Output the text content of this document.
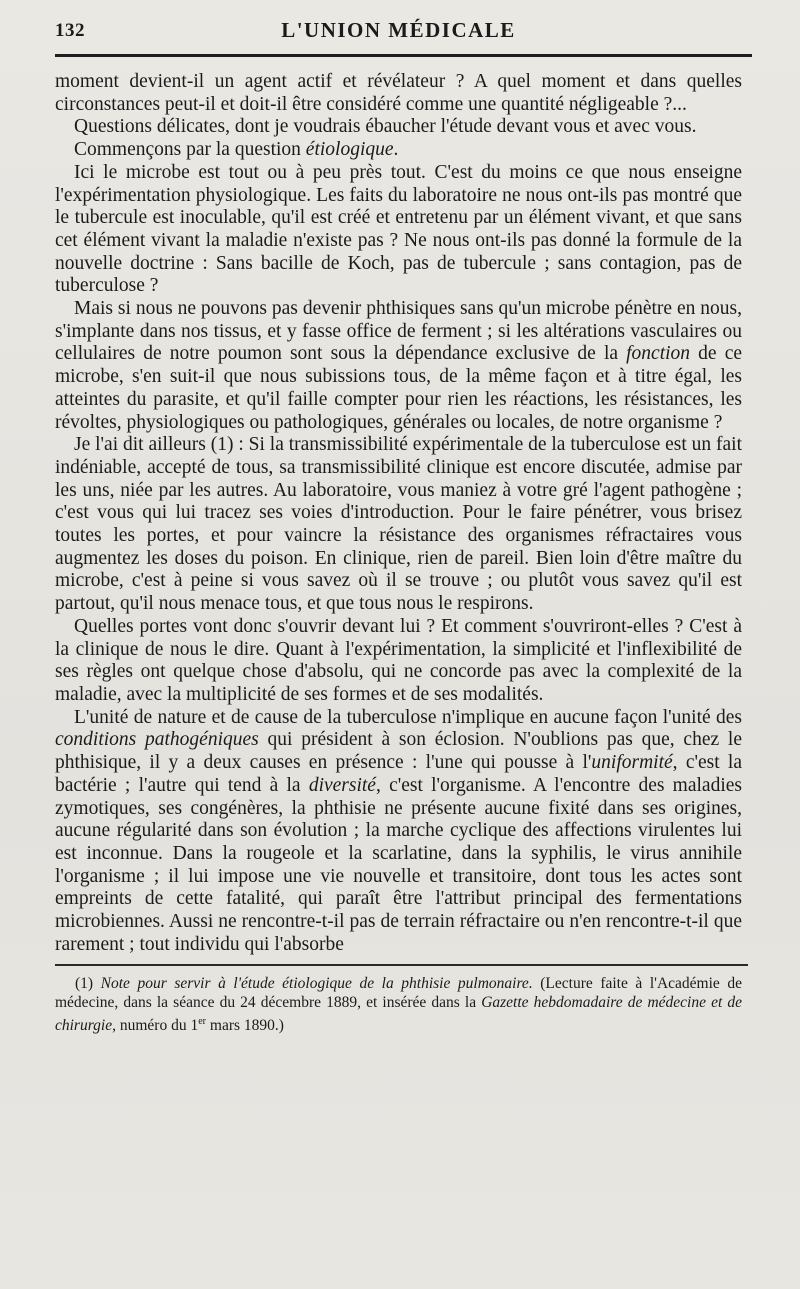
132	L'UNION MÉDICALE

moment devient-il un agent actif et révélateur ? A quel moment et dans quelles circonstances peut-il et doit-il être considéré comme une quantité négligeable ?...

Questions délicates, dont je voudrais ébaucher l'étude devant vous et avec vous.

Commençons par la question étiologique.

Ici le microbe est tout ou à peu près tout. C'est du moins ce que nous enseigne l'expérimentation physiologique. Les faits du laboratoire ne nous ont-ils pas montré que le tubercule est inoculable, qu'il est créé et entretenu par un élément vivant, et que sans cet élément vivant la maladie n'existe pas ? Ne nous ont-ils pas donné la formule de la nouvelle doctrine : Sans bacille de Koch, pas de tubercule ; sans contagion, pas de tuberculose ?

Mais si nous ne pouvons pas devenir phthisiques sans qu'un microbe pénètre en nous, s'implante dans nos tissus, et y fasse office de ferment ; si les altérations vasculaires ou cellulaires de notre poumon sont sous la dépendance exclusive de la fonction de ce microbe, s'en suit-il que nous subissions tous, de la même façon et à titre égal, les atteintes du parasite, et qu'il faille compter pour rien les réactions, les résistances, les révoltes, physiologiques ou pathologiques, générales ou locales, de notre organisme ?

Je l'ai dit ailleurs (1) : Si la transmissibilité expérimentale de la tuberculose est un fait indéniable, accepté de tous, sa transmissibilité clinique est encore discutée, admise par les uns, niée par les autres. Au laboratoire, vous maniez à votre gré l'agent pathogène ; c'est vous qui lui tracez ses voies d'introduction. Pour le faire pénétrer, vous brisez toutes les portes, et pour vaincre la résistance des organismes réfractaires vous augmentez les doses du poison. En clinique, rien de pareil. Bien loin d'être maître du microbe, c'est à peine si vous savez où il se trouve ; ou plutôt vous savez qu'il est partout, qu'il nous menace tous, et que tous nous le respirons.

Quelles portes vont donc s'ouvrir devant lui ? Et comment s'ouvriront-elles ? C'est à la clinique de nous le dire. Quant à l'expérimentation, la simplicité et l'inflexibilité de ses règles ont quelque chose d'absolu, qui ne concorde pas avec la complexité de la maladie, avec la multiplicité de ses formes et de ses modalités.

L'unité de nature et de cause de la tuberculose n'implique en aucune façon l'unité des conditions pathogéniques qui président à son éclosion. N'oublions pas que, chez le phthisique, il y a deux causes en présence : l'une qui pousse à l'uniformité, c'est la bactérie ; l'autre qui tend à la diversité, c'est l'organisme. A l'encontre des maladies zymotiques, ses congénères, la phthisie ne présente aucune fixité dans ses origines, aucune régularité dans son évolution ; la marche cyclique des affections virulentes lui est inconnue. Dans la rougeole et la scarlatine, dans la syphilis, le virus annihile l'organisme ; il lui impose une vie nouvelle et transitoire, dont tous les actes sont empreints de cette fatalité, qui paraît être l'attribut principal des fermentations microbiennes. Aussi ne rencontre-t-il pas de terrain réfractaire ou n'en rencontre-t-il que rarement ; tout individu qui l'absorbe

(1) Note pour servir à l'étude étiologique de la phthisie pulmonaire. (Lecture faite à l'Académie de médecine, dans la séance du 24 décembre 1889, et insérée dans la Gazette hebdomadaire de médecine et de chirurgie, numéro du 1er mars 1890.)
